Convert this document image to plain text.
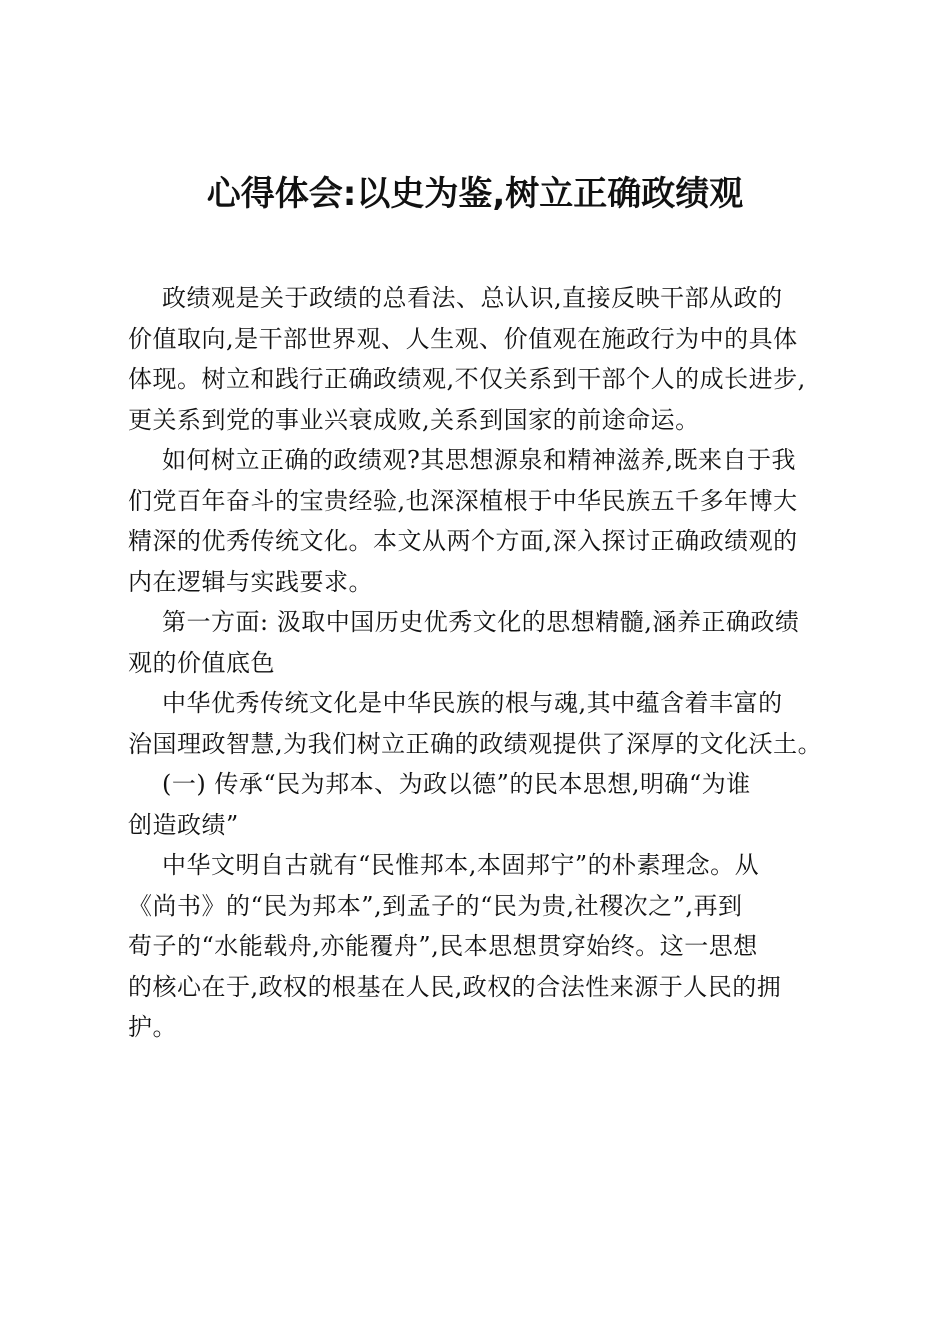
心得体会:以史为鉴,树立正确政绩观
政绩观是关于政绩的总看法、总认识,直接反映干部从政的
价值取向,是干部世界观、人生观、价值观在施政行为中的具体
体现。树立和践行正确政绩观,不仅关系到干部个人的成长进步,
更关系到党的事业兴衰成败,关系到国家的前途命运。
如何树立正确的政绩观?其思想源泉和精神滋养,既来自于我
们党百年奋斗的宝贵经验,也深深植根于中华民族五千多年博大
精深的优秀传统文化。本文从两个方面,深入探讨正确政绩观的
内在逻辑与实践要求。
第一方面: 汲取中国历史优秀文化的思想精髓,涵养正确政绩
观的价值底色
中华优秀传统文化是中华民族的根与魂,其中蕴含着丰富的
治国理政智慧,为我们树立正确的政绩观提供了深厚的文化沃土。
(一) 传承“民为邦本、为政以德”的民本思想,明确“为谁
创造政绩”
中华文明自古就有“民惟邦本,本固邦宁”的朴素理念。从
《尚书》的“民为邦本”,到孟子的“民为贵,社稷次之”,再到
荀子的“水能载舟,亦能覆舟”,民本思想贯穿始终。这一思想
的核心在于,政权的根基在人民,政权的合法性来源于人民的拥
护。
